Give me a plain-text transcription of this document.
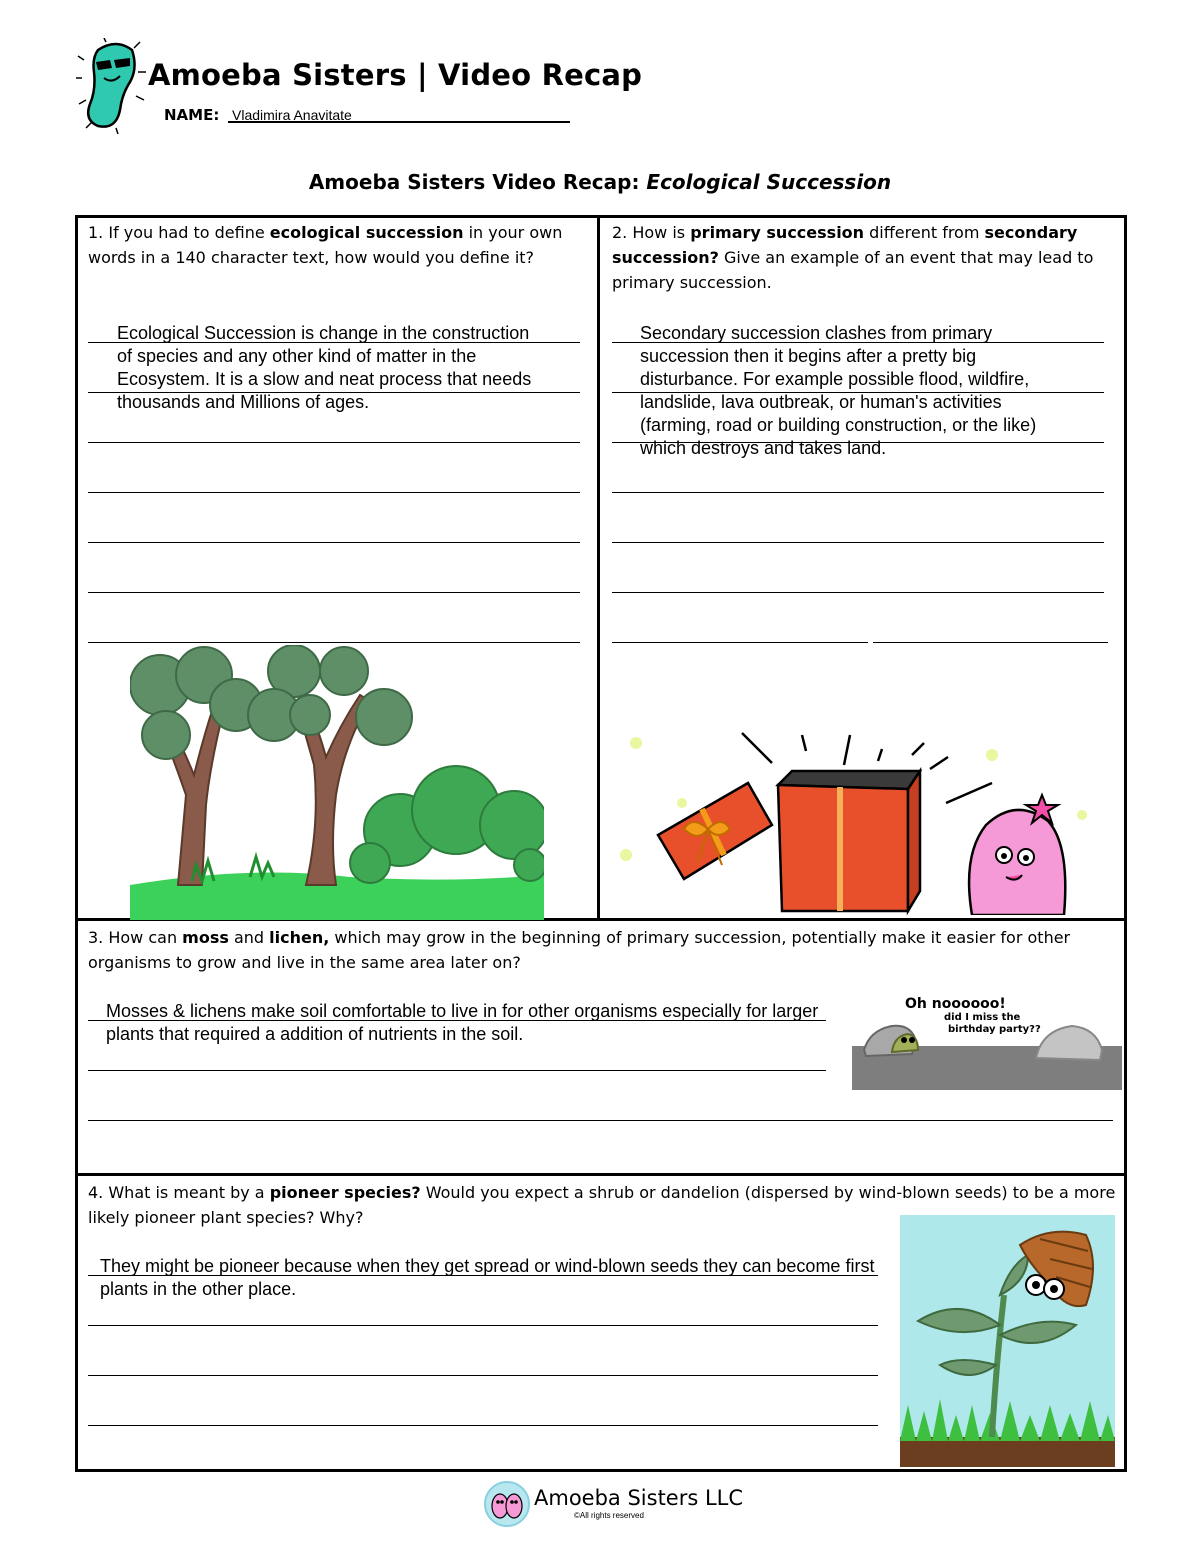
Amoeba Sisters | Video Recap
NAME: Vladimira Anavitate
Amoeba Sisters Video Recap: Ecological Succession
1. If you had to define ecological succession in your own words in a 140 character text, how would you define it?
Ecological Succession is change in the construction of species and any other kind of matter in the Ecosystem. It is a slow and neat process that needs thousands and Millions of ages.
2. How is primary succession different from secondary succession? Give an example of an event that may lead to primary succession.
Secondary succession clashes from primary succession then it begins after a pretty big disturbance. For example possible flood, wildfire, landslide, lava outbreak, or human's activities (farming, road or building construction, or the like) which destroys and takes land.
3. How can moss and lichen, which may grow in the beginning of primary succession, potentially make it easier for other organisms to grow and live in the same area later on?
Mosses & lichens make soil comfortable to live in for other organisms especially for larger plants that required a addition of nutrients in the soil.
Oh noooooo!
did I miss the
birthday party??
4. What is meant by a pioneer species? Would you expect a shrub or dandelion (dispersed by wind-blown seeds) to be a more likely pioneer plant species? Why?
They might be pioneer because when they get spread or wind-blown seeds they can become first plants in the other place.
Amoeba Sisters LLC
©All rights reserved
